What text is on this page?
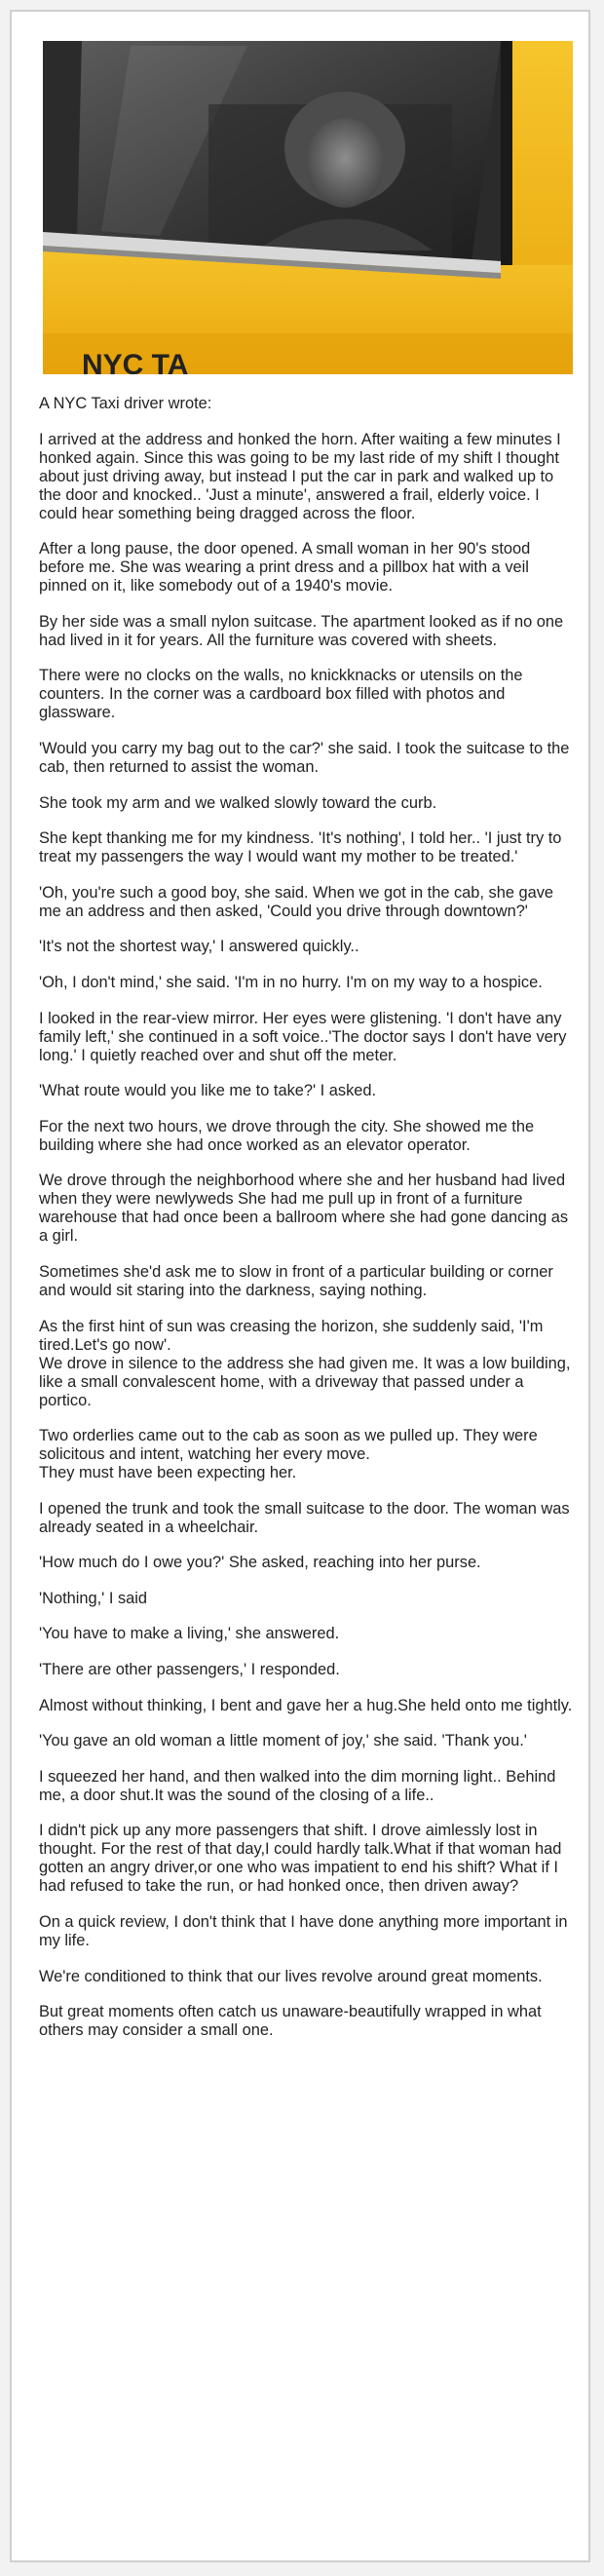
NYC TA

A NYC Taxi driver wrote:

I arrived at the address and honked the horn. After waiting a few minutes I honked again. Since this was going to be my last ride of my shift I thought about just driving away, but instead I put the car in park and walked up to the door and knocked.. 'Just a minute', answered a frail, elderly voice. I could hear something being dragged across the floor.

After a long pause, the door opened. A small woman in her 90's stood before me. She was wearing a print dress and a pillbox hat with a veil pinned on it, like somebody out of a 1940's movie.

By her side was a small nylon suitcase. The apartment looked as if no one had lived in it for years. All the furniture was covered with sheets.

There were no clocks on the walls, no knickknacks or utensils on the counters. In the corner was a cardboard box filled with photos and glassware.

'Would you carry my bag out to the car?' she said. I took the suitcase to the cab, then returned to assist the woman.

She took my arm and we walked slowly toward the curb.

She kept thanking me for my kindness. 'It's nothing', I told her.. 'I just try to treat my passengers the way I would want my mother to be treated.'

'Oh, you're such a good boy, she said. When we got in the cab, she gave me an address and then asked, 'Could you drive through downtown?'

'It's not the shortest way,' I answered quickly..

'Oh, I don't mind,' she said. 'I'm in no hurry. I'm on my way to a hospice.

I looked in the rear-view mirror. Her eyes were glistening. 'I don't have any family left,' she continued in a soft voice..'The doctor says I don't have very long.' I quietly reached over and shut off the meter.

'What route would you like me to take?' I asked.

For the next two hours, we drove through the city. She showed me the building where she had once worked as an elevator operator.

We drove through the neighborhood where she and her husband had lived when they were newlyweds She had me pull up in front of a furniture warehouse that had once been a ballroom where she had gone dancing as a girl.

Sometimes she'd ask me to slow in front of a particular building or corner and would sit staring into the darkness, saying nothing.

As the first hint of sun was creasing the horizon, she suddenly said, 'I'm tired.Let's go now'.
We drove in silence to the address she had given me. It was a low building, like a small convalescent home, with a driveway that passed under a portico.

Two orderlies came out to the cab as soon as we pulled up. They were solicitous and intent, watching her every move.
They must have been expecting her.

I opened the trunk and took the small suitcase to the door. The woman was already seated in a wheelchair.

'How much do I owe you?' She asked, reaching into her purse.

'Nothing,' I said

'You have to make a living,' she answered.

'There are other passengers,' I responded.

Almost without thinking, I bent and gave her a hug.She held onto me tightly.

'You gave an old woman a little moment of joy,' she said. 'Thank you.'

I squeezed her hand, and then walked into the dim morning light.. Behind me, a door shut.It was the sound of the closing of a life..

I didn't pick up any more passengers that shift. I drove aimlessly lost in thought. For the rest of that day,I could hardly talk.What if that woman had gotten an angry driver,or one who was impatient to end his shift? What if I had refused to take the run, or had honked once, then driven away?

On a quick review, I don't think that I have done anything more important in my life.

We're conditioned to think that our lives revolve around great moments.

But great moments often catch us unaware-beautifully wrapped in what others may consider a small one.
